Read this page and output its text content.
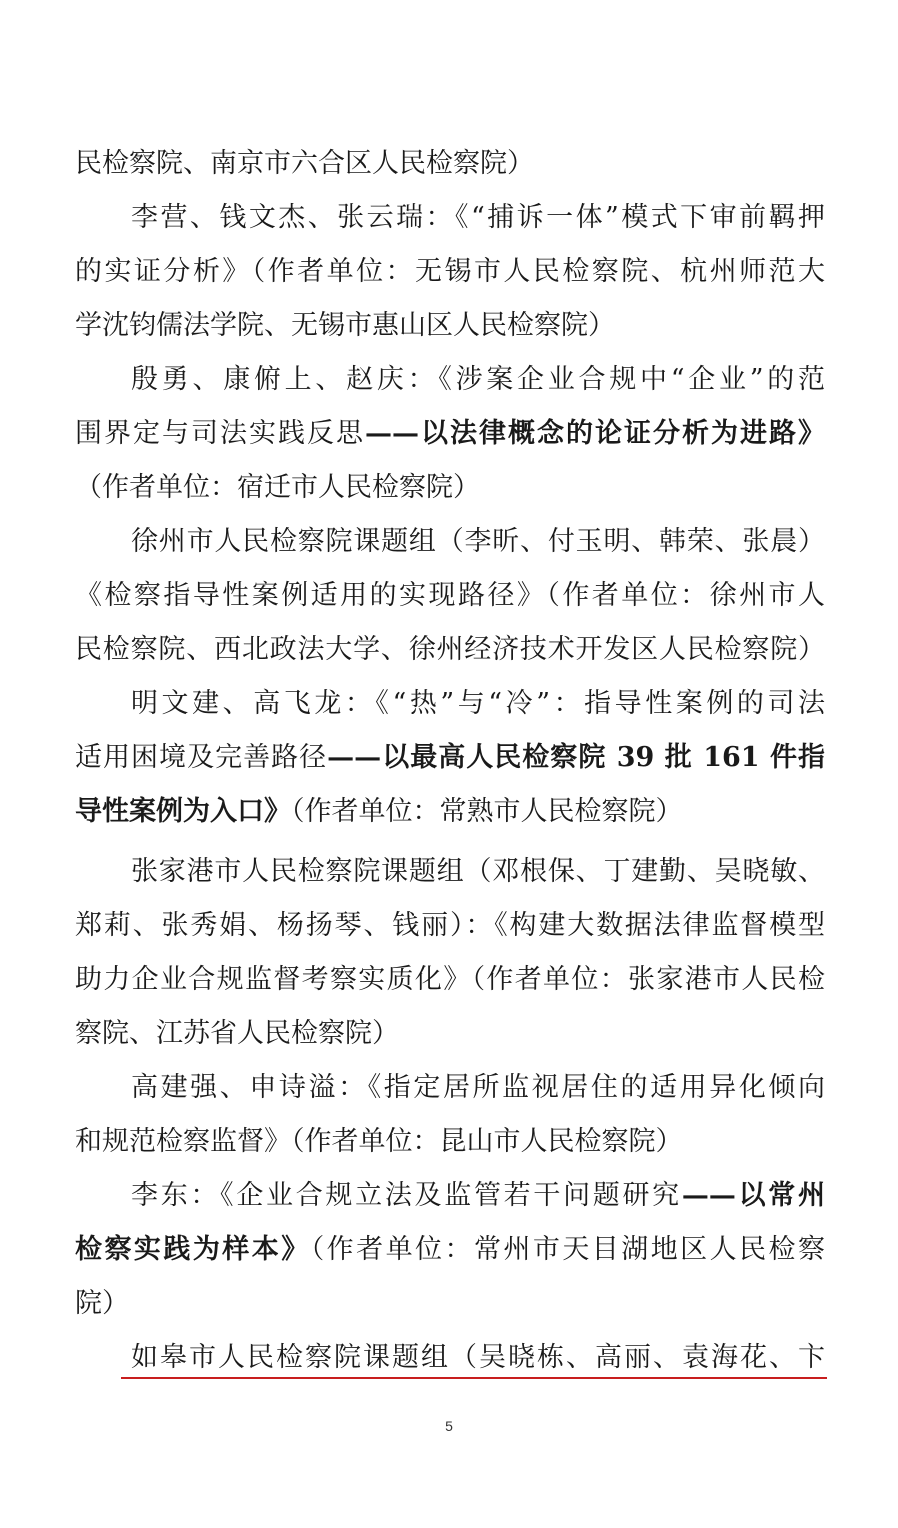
民检察院、南京市六合区人民检察院）
李营、钱文杰、张云瑞：《“捕诉一体”模式下审前羁押
的实证分析》（作者单位：无锡市人民检察院、杭州师范大
学沈钧儒法学院、无锡市惠山区人民检察院）
殷勇、康俯上、赵庆：《涉案企业合规中“企业”的范
围界定与司法实践反思——以法律概念的论证分析为进路》
（作者单位：宿迁市人民检察院）
徐州市人民检察院课题组（李昕、付玉明、韩荣、张晨）
《检察指导性案例适用的实现路径》（作者单位：徐州市人
民检察院、西北政法大学、徐州经济技术开发区人民检察院）
明文建、高飞龙：《“热”与“冷”：指导性案例的司法
适用困境及完善路径——以最高人民检察院 39 批 161 件指
导性案例为入口》（作者单位：常熟市人民检察院）
张家港市人民检察院课题组（邓根保、丁建勤、吴晓敏、
郑莉、张秀娟、杨扬琴、钱丽）：《构建大数据法律监督模型
助力企业合规监督考察实质化》（作者单位：张家港市人民检
察院、江苏省人民检察院）
高建强、申诗溢：《指定居所监视居住的适用异化倾向
和规范检察监督》（作者单位：昆山市人民检察院）
李东：《企业合规立法及监管若干问题研究——以常州
检察实践为样本》（作者单位：常州市天目湖地区人民检察
院）
如皋市人民检察院课题组（吴晓栋、高丽、袁海花、卞
5
